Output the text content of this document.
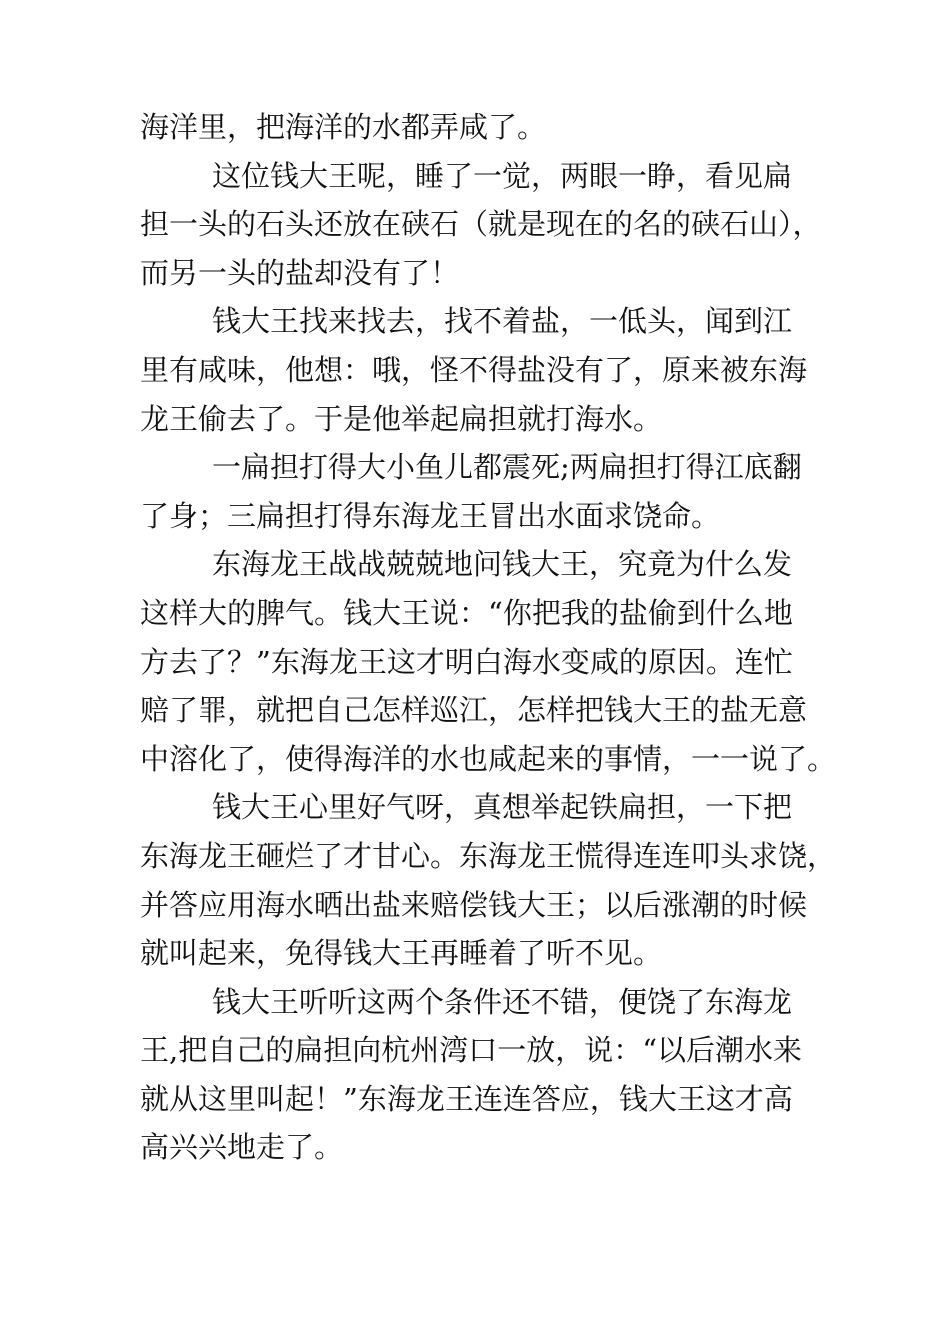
海洋里，把海洋的水都弄咸了。
这位钱大王呢，睡了一觉，两眼一睁，看见扁
担一头的石头还放在硖石（就是现在的名的硖石山），
而另一头的盐却没有了！
钱大王找来找去，找不着盐，一低头，闻到江
里有咸味，他想：哦，怪不得盐没有了，原来被东海
龙王偷去了。于是他举起扁担就打海水。
一扁担打得大小鱼儿都震死;两扁担打得江底翻
了身；三扁担打得东海龙王冒出水面求饶命。
东海龙王战战兢兢地问钱大王，究竟为什么发
这样大的脾气。钱大王说：“你把我的盐偷到什么地
方去了？”东海龙王这才明白海水变咸的原因。连忙
赔了罪，就把自己怎样巡江，怎样把钱大王的盐无意
中溶化了，使得海洋的水也咸起来的事情，一一说了。
钱大王心里好气呀，真想举起铁扁担，一下把
东海龙王砸烂了才甘心。东海龙王慌得连连叩头求饶，
并答应用海水晒出盐来赔偿钱大王；以后涨潮的时候
就叫起来，免得钱大王再睡着了听不见。
钱大王听听这两个条件还不错，便饶了东海龙
王,把自己的扁担向杭州湾口一放，说：“以后潮水来
就从这里叫起！”东海龙王连连答应，钱大王这才高
高兴兴地走了。
